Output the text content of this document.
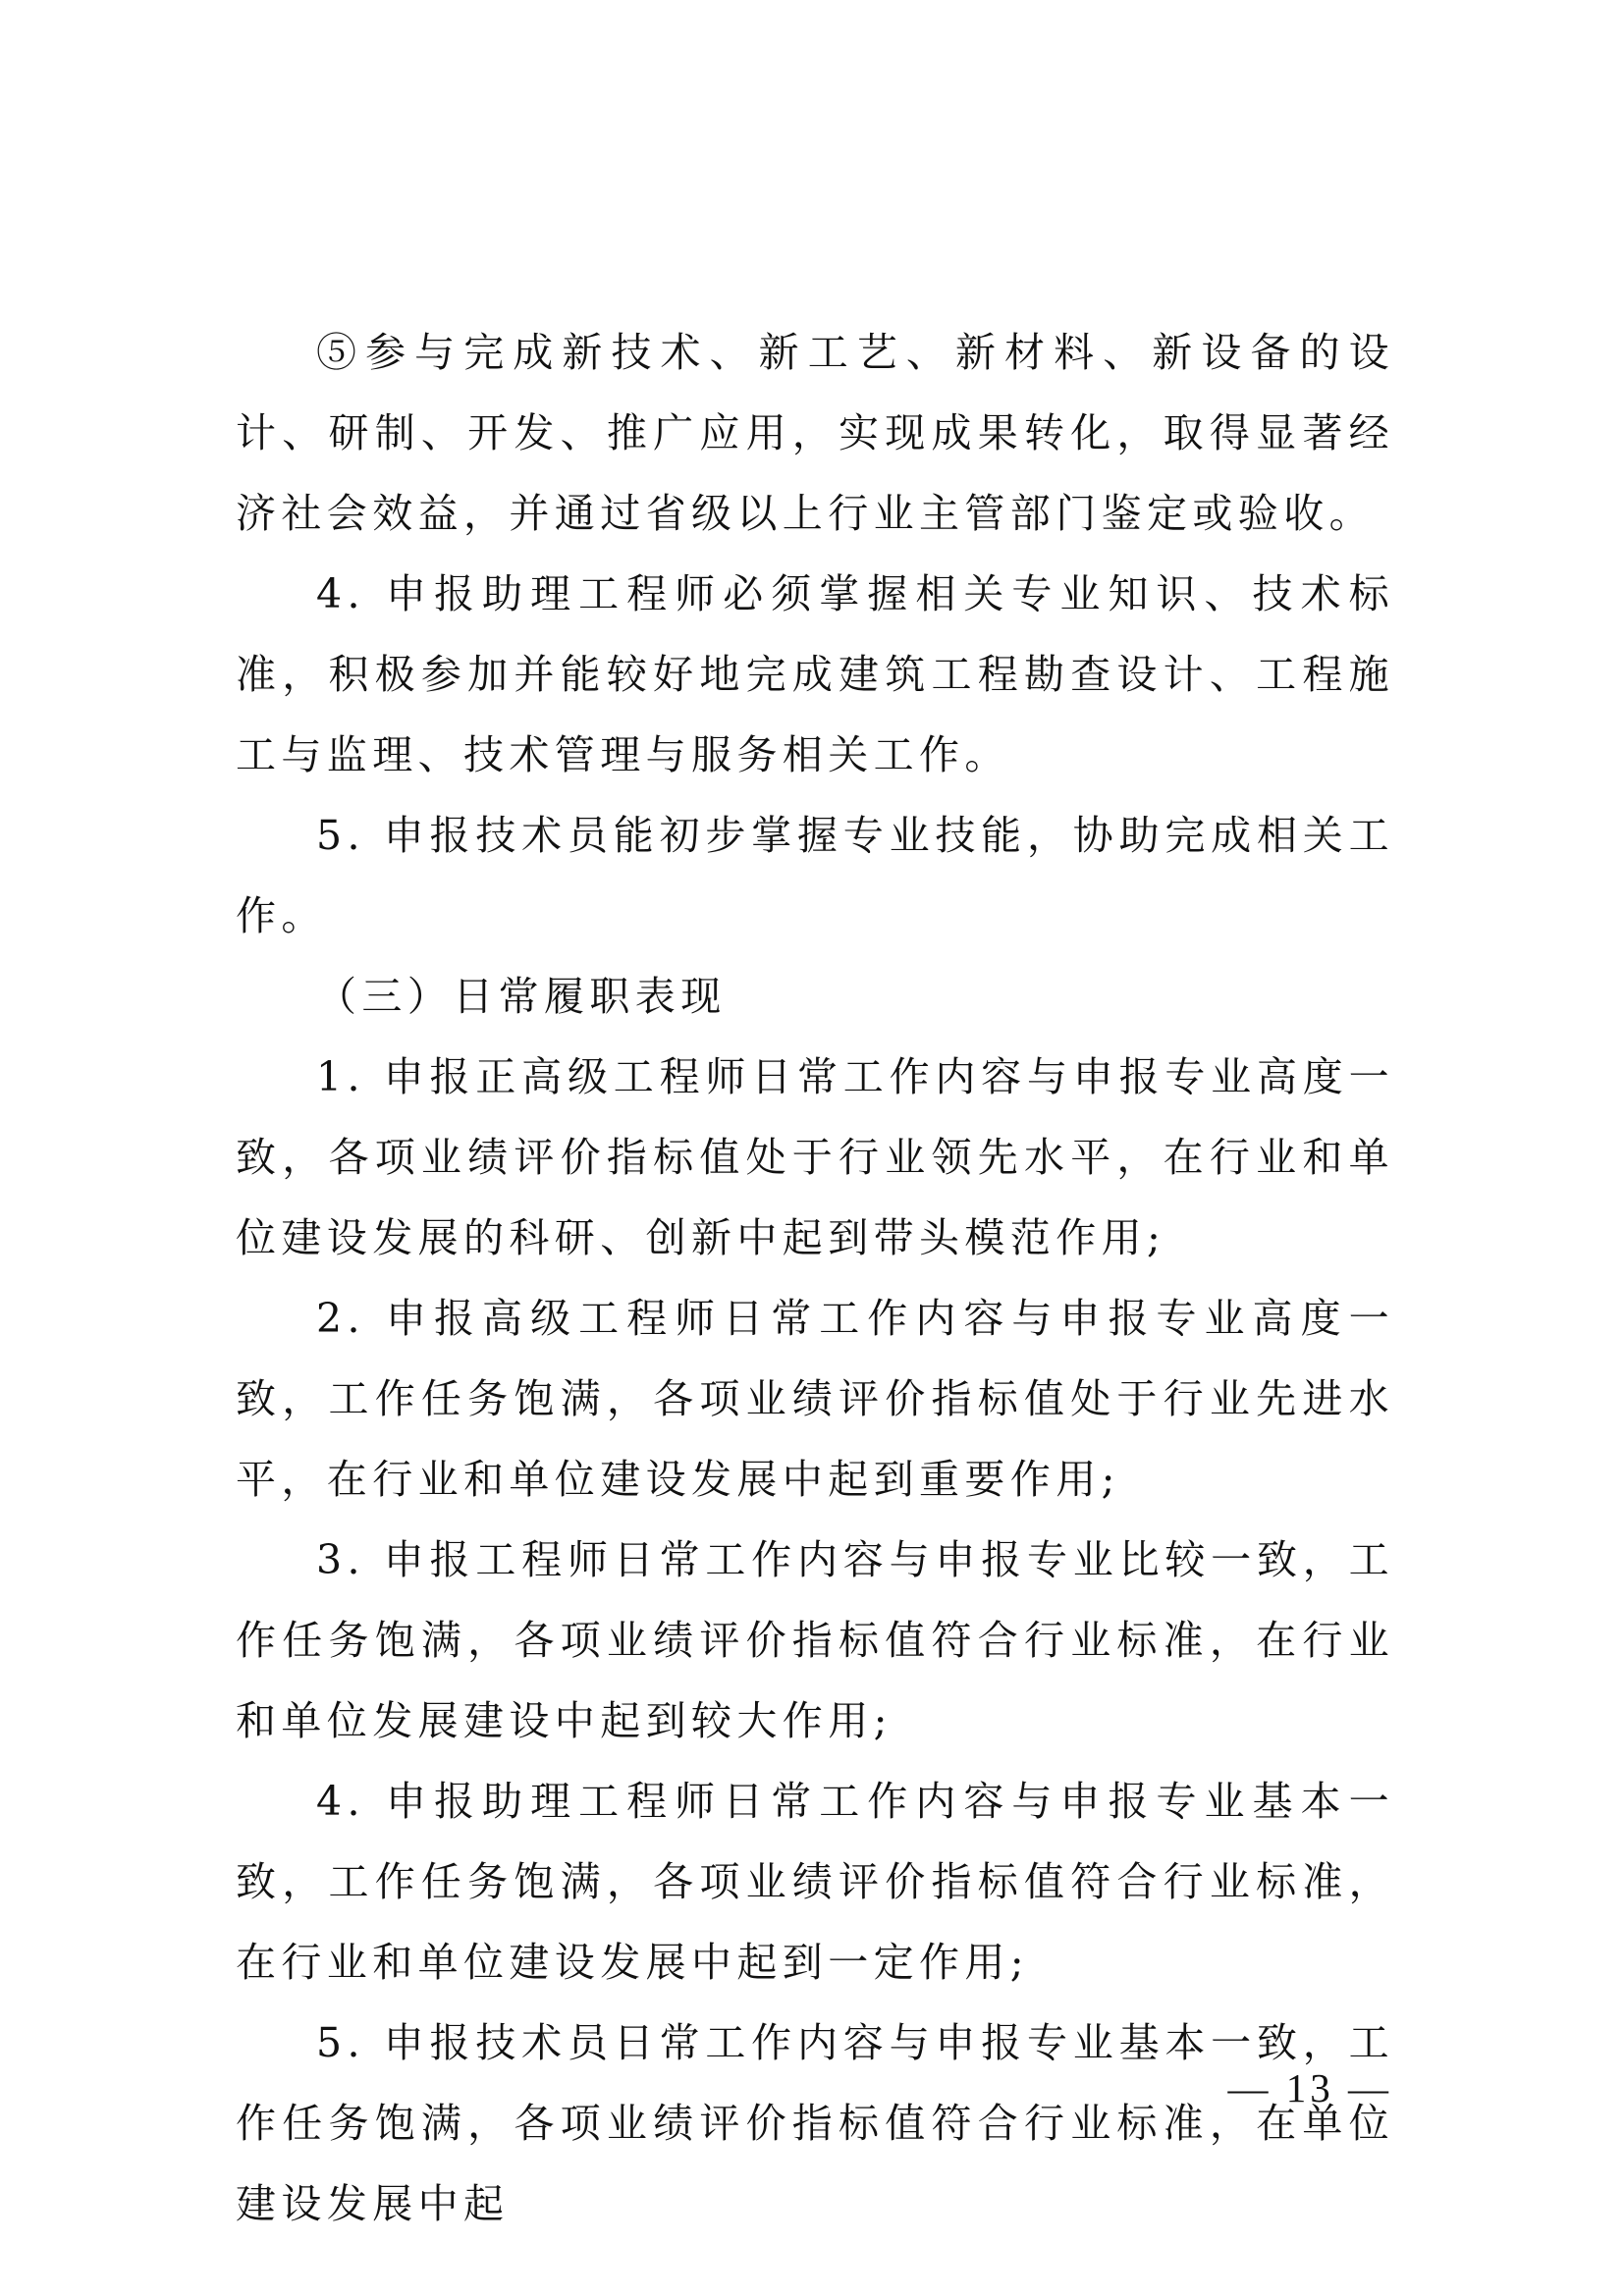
⑤参与完成新技术、新工艺、新材料、新设备的设计、研制、开发、推广应用，实现成果转化，取得显著经济社会效益，并通过省级以上行业主管部门鉴定或验收。

4. 申报助理工程师必须掌握相关专业知识、技术标准，积极参加并能较好地完成建筑工程勘查设计、工程施工与监理、技术管理与服务相关工作。

5. 申报技术员能初步掌握专业技能，协助完成相关工作。

（三）日常履职表现

1. 申报正高级工程师日常工作内容与申报专业高度一致，各项业绩评价指标值处于行业领先水平，在行业和单位建设发展的科研、创新中起到带头模范作用;

2. 申报高级工程师日常工作内容与申报专业高度一致，工作任务饱满，各项业绩评价指标值处于行业先进水平，在行业和单位建设发展中起到重要作用;

3. 申报工程师日常工作内容与申报专业比较一致，工作任务饱满，各项业绩评价指标值符合行业标准，在行业和单位发展建设中起到较大作用;

4. 申报助理工程师日常工作内容与申报专业基本一致，工作任务饱满，各项业绩评价指标值符合行业标准，在行业和单位建设发展中起到一定作用;

5. 申报技术员日常工作内容与申报专业基本一致，工作任务饱满，各项业绩评价指标值符合行业标准，在单位建设发展中起

— 13 —
